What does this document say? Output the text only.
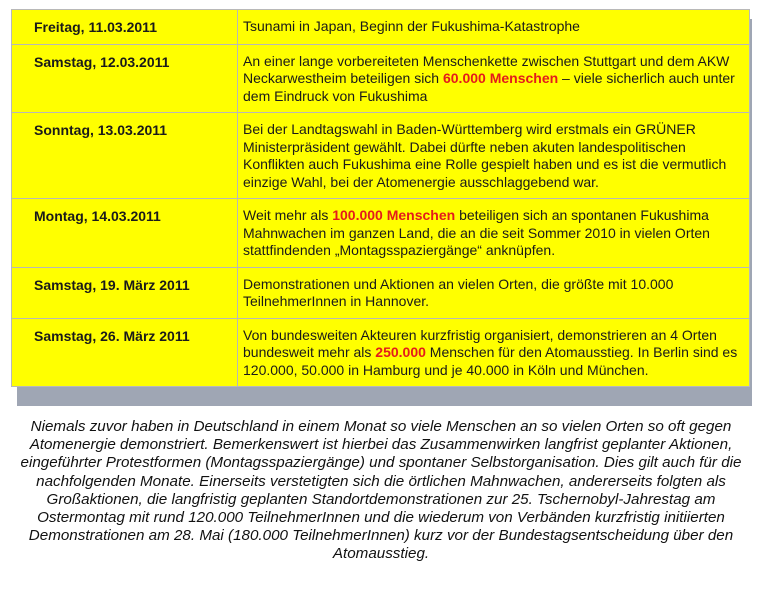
Freitag, 11.03.2011	Tsunami in Japan, Beginn der Fukushima-Katastrophe
Samstag, 12.03.2011	An einer lange vorbereiteten Menschenkette zwischen Stuttgart und dem AKW Neckarwestheim beteiligen sich 60.000 Menschen – viele sicherlich auch unter dem Eindruck von Fukushima
Sonntag, 13.03.2011	Bei der Landtagswahl in Baden-Württemberg wird erstmals ein GRÜNER Ministerpräsident gewählt. Dabei dürfte neben akuten landespolitischen Konflikten auch Fukushima eine Rolle gespielt haben und es ist die vermutlich einzige Wahl, bei der Atomenergie ausschlaggebend war.
Montag, 14.03.2011	Weit mehr als 100.000 Menschen beteiligen sich an spontanen Fukushima Mahnwachen im ganzen Land, die an die seit Sommer 2010 in vielen Orten stattfindenden „Montagsspaziergänge“ anknüpfen.
Samstag, 19. März 2011	Demonstrationen und Aktionen an vielen Orten, die größte mit 10.000 TeilnehmerInnen in Hannover.
Samstag, 26. März 2011	Von bundesweiten Akteuren kurzfristig organisiert, demonstrieren an 4 Orten bundesweit mehr als 250.000 Menschen für den Atomausstieg. In Berlin sind es 120.000, 50.000 in Hamburg und je 40.000 in Köln und München.

Niemals zuvor haben in Deutschland in einem Monat so viele Menschen an so vielen Orten so oft gegen Atomenergie demonstriert. Bemerkenswert ist hierbei das Zusammenwirken langfrist geplanter Aktionen, eingeführter Protestformen (Montagsspaziergänge) und spontaner Selbstorganisation. Dies gilt auch für die nachfolgenden Monate. Einerseits verstetigten sich die örtlichen Mahnwachen, andererseits folgten als Großaktionen, die langfristig geplanten Standortdemonstrationen zur 25. Tschernobyl-Jahrestag am Ostermontag mit rund 120.000 TeilnehmerInnen und die wiederum von Verbänden kurzfristig initiierten Demonstrationen am 28. Mai (180.000 TeilnehmerInnen) kurz vor der Bundestagsentscheidung über den Atomausstieg.
